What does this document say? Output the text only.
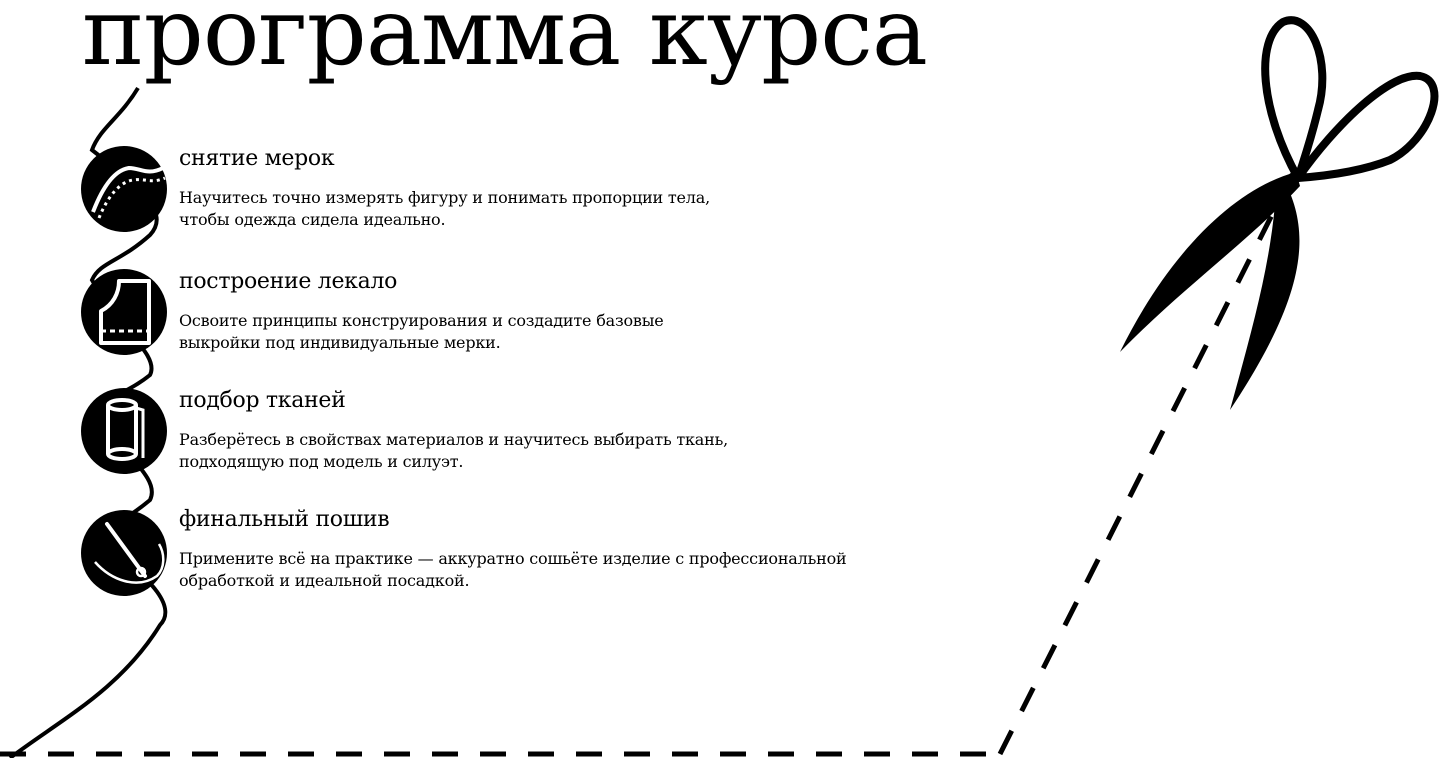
программа курса
снятие мерок

Научитесь точно измерять фигуру и понимать пропорции тела,
чтобы одежда сидела идеально.

построение лекало

Освоите принципы конструирования и создадите базовые
выкройки под индивидуальные мерки.

подбор тканей

Разберётесь в свойствах материалов и научитесь выбирать ткань,
подходящую под модель и силуэт.

финальный пошив

Примените всё на практике — аккуратно сошьёте изделие с профессиональной
обработкой и идеальной посадкой.
